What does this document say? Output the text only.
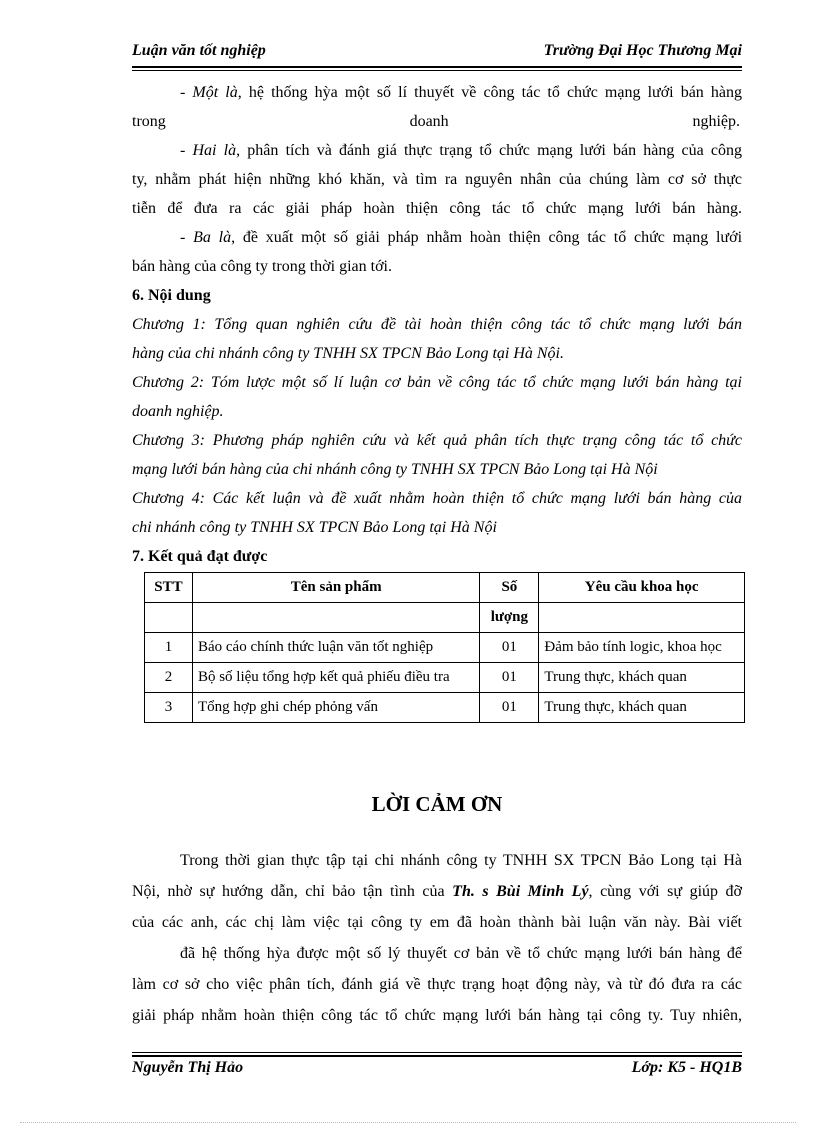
Luận văn tốt nghiệp	Trường Đại Học Thương Mại
- Một là, hệ thống hỳa một số lí thuyết về công tác tổ chức mạng lưới bán hàng
trong	doanh	nghiệp.
- Hai là, phân tích và đánh giá thực trạng tổ chức mạng lưới bán hàng của công
ty, nhằm phát hiện những khó khăn, và tìm ra nguyên nhân của chúng làm cơ sở thực
tiễn để đưa ra các giải pháp hoàn thiện công tác tổ chức mạng lưới bán hàng.
- Ba là, đề xuất một số giải pháp nhằm hoàn thiện công tác tổ chức mạng lưới
bán hàng của công ty trong thời gian tới.
6. Nội dung
Chương 1: Tổng quan nghiên cứu đề tài hoàn thiện công tác tổ chức mạng lưới bán
hàng của chi nhánh công ty TNHH SX TPCN Bảo Long tại Hà Nội.
Chương 2: Tóm lược một số lí luận cơ bản về công tác tổ chức mạng lưới bán hàng tại
doanh nghiệp.
Chương 3: Phương pháp nghiên cứu và kết quả phân tích thực trạng công tác tổ chức
mạng lưới bán hàng của chi nhánh công ty TNHH SX TPCN Bảo Long tại Hà Nội
Chương 4: Các kết luận và đề xuất nhằm hoàn thiện tổ chức mạng lưới bán hàng của
chi nhánh công ty TNHH SX TPCN Bảo Long tại Hà Nội
7. Kết quả đạt được
STT	Tên sản phẩm	Số	Yêu cầu khoa học
		lượng	
1	Báo cáo chính thức luận văn tốt nghiệp	01	Đảm bảo tính logic, khoa học
2	Bộ số liệu tổng hợp kết quả phiếu điều tra	01	Trung thực, khách quan
3	Tổng hợp ghi chép phỏng vấn	01	Trung thực, khách quan
LỜI CẢM ƠN
Trong thời gian thực tập tại chi nhánh công ty TNHH SX TPCN Bảo Long tại Hà
Nội, nhờ sự hướng dẫn, chỉ bảo tận tình của Th. s Bùi Minh Lý, cùng với sự giúp đỡ
của các anh, các chị làm việc tại công ty em đã hoàn thành bài luận văn này. Bài viết
đã hệ thống hỳa được một số lý thuyết cơ bản về tổ chức mạng lưới bán hàng để
làm cơ sở cho việc phân tích, đánh giá về thực trạng hoạt động này, và từ đó đưa ra các
giải pháp nhằm hoàn thiện công tác tổ chức mạng lưới bán hàng tại công ty. Tuy nhiên,
Nguyễn Thị Hảo	Lớp: K5 - HQ1B
